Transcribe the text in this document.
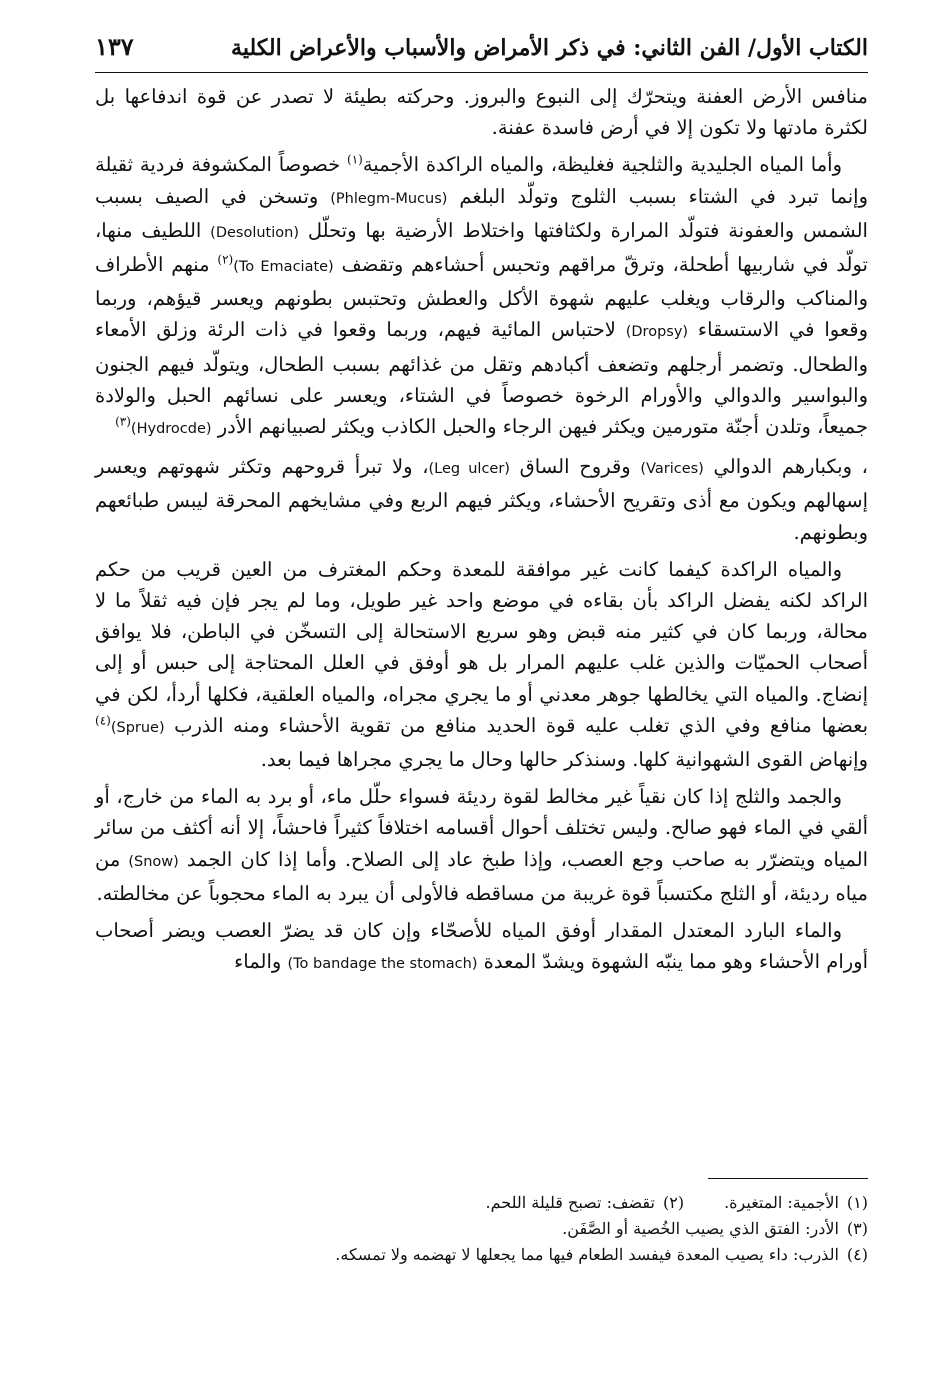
الكتاب الأول/ الفن الثاني: في ذكر الأمراض والأسباب والأعراض الكلية
١٣٧

منافس الأرض العفنة ويتحرّك إلى النبوع والبروز. وحركته بطيئة لا تصدر عن قوة اندفاعها بل لكثرة مادتها ولا تكون إلا في أرض فاسدة عفنة.

وأما المياه الجليدية والثلجية فغليظة، والمياه الراكدة الأجمية$^{(١)}$ خصوصاً المكشوفة فردية ثقيلة وإنما تبرد في الشتاء بسبب الثلوج وتولّد البلغم (Phlegm-Mucus) وتسخن في الصيف بسبب الشمس والعفونة فتولّد المرارة ولكثافتها واختلاط الأرضية بها وتحلّل (Desolution) اللطيف منها، تولّد في شاربيها أطحلة، وترقّ مراقهم وتحبس أحشاءهم وتقضف (To Emaciate)$^{(٢)}$ منهم الأطراف والمناكب والرقاب ويغلب عليهم شهوة الأكل والعطش وتحتبس بطونهم ويعسر قيؤهم، وربما وقعوا في الاستسقاء (Dropsy) لاحتباس المائية فيهم، وربما وقعوا في ذات الرئة وزلق الأمعاء والطحال. وتضمر أرجلهم وتضعف أكبادهم وتقل من غذائهم بسبب الطحال، ويتولّد فيهم الجنون والبواسير والدوالي والأورام الرخوة خصوصاً في الشتاء، ويعسر على نسائهم الحبل والولادة جميعاً، وتلدن أجنّة متورمين ويكثر فيهن الرجاء والحبل الكاذب ويكثر لصبيانهم الأدر (Hydrocde)$^{(٣)}$

، وبكبارهم الدوالي (Varices) وقروح الساق (Leg ulcer)، ولا تبرأ قروحهم وتكثر شهوتهم ويعسر إسهالهم ويكون مع أذى وتقريح الأحشاء، ويكثر فيهم الربع وفي مشايخهم المحرقة ليبس طبائعهم وبطونهم.

والمياه الراكدة كيفما كانت غير موافقة للمعدة وحكم المغترف من العين قريب من حكم الراكد لكنه يفضل الراكد بأن بقاءه في موضع واحد غير طويل، وما لم يجر فإن فيه ثقلاً ما لا محالة، وربما كان في كثير منه قبض وهو سريع الاستحالة إلى التسخّن في الباطن، فلا يوافق أصحاب الحميّات والذين غلب عليهم المرار بل هو أوفق في العلل المحتاجة إلى حبس أو إلى إنضاج. والمياه التي يخالطها جوهر معدني أو ما يجري مجراه، والمياه العلقية، فكلها أردأ، لكن في بعضها منافع وفي الذي تغلب عليه قوة الحديد منافع من تقوية الأحشاء ومنه الذرب (Sprue)$^{(٤)}$ وإنهاض القوى الشهوانية كلها. وسنذكر حالها وحال ما يجري مجراها فيما بعد.

والجمد والثلج إذا كان نقياً غير مخالط لقوة رديئة فسواء حلّل ماء، أو برد به الماء من خارج، أو ألقي في الماء فهو صالح. وليس تختلف أحوال أقسامه اختلافاً كثيراً فاحشاً، إلا أنه أكثف من سائر المياه ويتضرّر به صاحب وجع العصب، وإذا طبخ عاد إلى الصلاح. وأما إذا كان الجمد (Snow) من مياه رديئة، أو الثلج مكتسباً قوة غريبة من مساقطه فالأولى أن يبرد به الماء محجوباً عن مخالطته.

والماء البارد المعتدل المقدار أوفق المياه للأصحّاء وإن كان قد يضرّ العصب ويضر أصحاب أورام الأحشاء وهو مما ينبّه الشهوة ويشدّ المعدة (To bandage the stomach) والماء

(١)الأجمية: المتغيرة.
(٢)تقضف: تصبح قليلة اللحم.
(٣)الأدر: الفتق الذي يصيب الخُصية أو الصَّفَن.
(٤)الذرب: داء يصيب المعدة فيفسد الطعام فيها مما يجعلها لا تهضمه ولا تمسكه.
